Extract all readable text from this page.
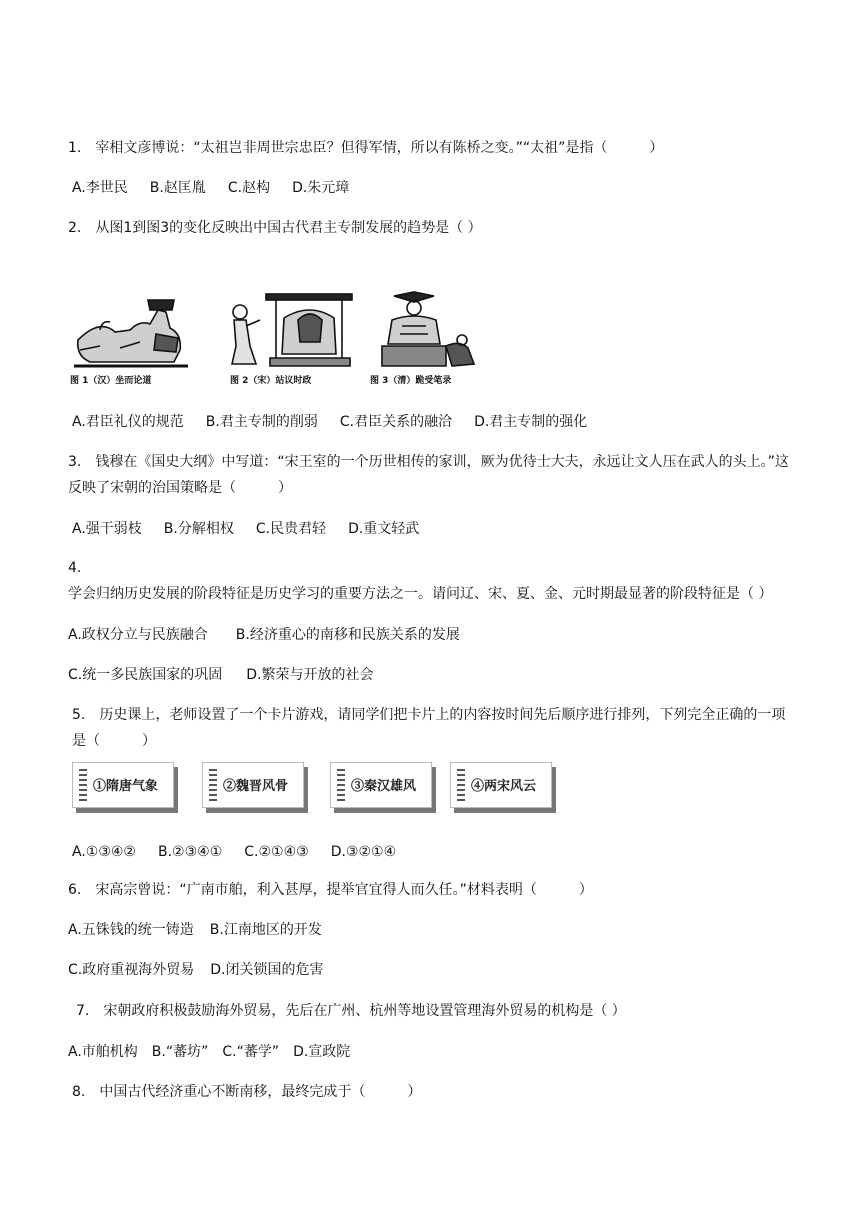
1. 宰相文彦博说：“太祖岂非周世宗忠臣？但得军情，所以有陈桥之变。”“太祖”是指（　　　）
A.李世民 B.赵匡胤 C.赵构 D.朱元璋
2. 从图1到图3的变化反映出中国古代君主专制发展的趋势是（ ）
图 1（汉）坐而论道	图 2（宋）站议时政	图 3（清）跪受笔录
A.君臣礼仪的规范 B.君主专制的削弱 C.君臣关系的融洽 D.君主专制的强化
3. 钱穆在《国史大纲》中写道：“宋王室的一个历世相传的家训，厥为优待士大夫，永远让文人压在武人的头上。”这反映了宋朝的治国策略是（　　　）
A.强干弱枝 B.分解相权 C.民贵君轻 D.重文轻武
4.学会归纳历史发展的阶段特征是历史学习的重要方法之一。请问辽、宋、夏、金、元时期最显著的阶段特征是（ ）
A.政权分立与民族融合 B.经济重心的南移和民族关系的发展
C.统一多民族国家的巩固 D.繁荣与开放的社会
5. 历史课上，老师设置了一个卡片游戏，请同学们把卡片上的内容按时间先后顺序进行排列，下列完全正确的一项是（　　　）
①隋唐气象	②魏晋风骨	③秦汉雄风	④两宋风云
A.①③④② B.②③④① C.②①④③ D.③②①④
6. 宋高宗曾说：“广南市舶，利入甚厚，提举官宜得人而久任。”材料表明（　　　）
A.五铢钱的统一铸造 B.江南地区的开发
C.政府重视海外贸易 D.闭关锁国的危害
7. 宋朝政府积极鼓励海外贸易，先后在广州、杭州等地设置管理海外贸易的机构是（ ）
A.市舶机构 B.“蕃坊” C.“蕃学” D.宣政院
8. 中国古代经济重心不断南移，最终完成于（　　　）
